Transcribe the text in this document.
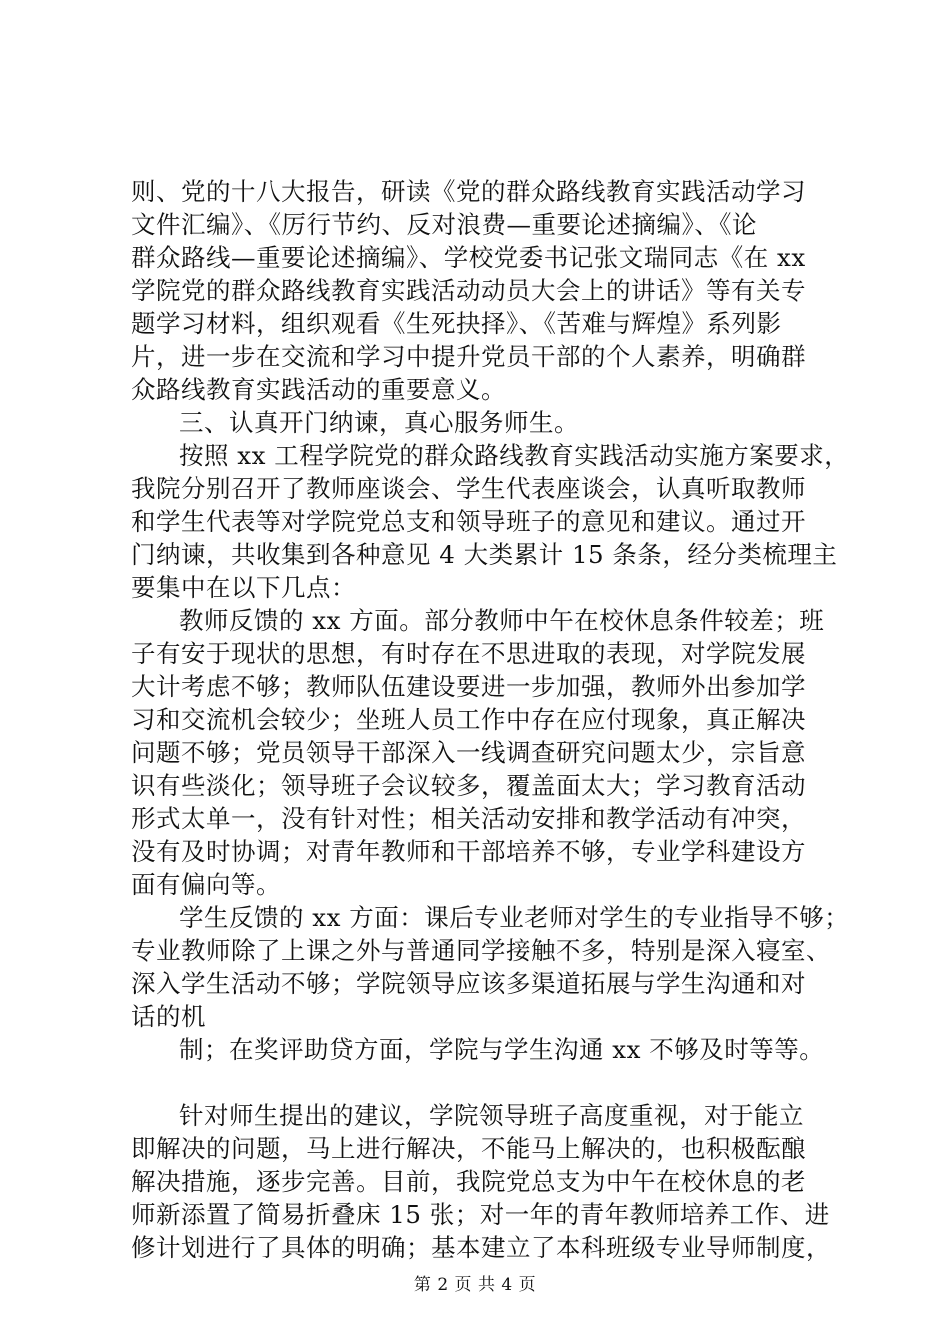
则、党的十八大报告，研读《党的群众路线教育实践活动学习
文件汇编》、《厉行节约、反对浪费—重要论述摘编》、《论
群众路线—重要论述摘编》、学校党委书记张文瑞同志《在 xx
学院党的群众路线教育实践活动动员大会上的讲话》等有关专
题学习材料，组织观看《生死抉择》、《苦难与辉煌》系列影
片，进一步在交流和学习中提升党员干部的个人素养，明确群
众路线教育实践活动的重要意义。
三、认真开门纳谏，真心服务师生。
按照 xx 工程学院党的群众路线教育实践活动实施方案要求，
我院分别召开了教师座谈会、学生代表座谈会，认真听取教师
和学生代表等对学院党总支和领导班子的意见和建议。通过开
门纳谏，共收集到各种意见 4 大类累计 15 条条，经分类梳理主
要集中在以下几点：
教师反馈的 xx 方面。部分教师中午在校休息条件较差；班
子有安于现状的思想，有时存在不思进取的表现，对学院发展
大计考虑不够；教师队伍建设要进一步加强，教师外出参加学
习和交流机会较少；坐班人员工作中存在应付现象，真正解决
问题不够；党员领导干部深入一线调查研究问题太少，宗旨意
识有些淡化；领导班子会议较多，覆盖面太大；学习教育活动
形式太单一，没有针对性；相关活动安排和教学活动有冲突，
没有及时协调；对青年教师和干部培养不够，专业学科建设方
面有偏向等。
学生反馈的 xx 方面：课后专业老师对学生的专业指导不够；
专业教师除了上课之外与普通同学接触不多，特别是深入寝室、
深入学生活动不够；学院领导应该多渠道拓展与学生沟通和对
话的机
制；在奖评助贷方面，学院与学生沟通 xx 不够及时等等。
针对师生提出的建议，学院领导班子高度重视，对于能立
即解决的问题，马上进行解决，不能马上解决的，也积极酝酿
解决措施，逐步完善。目前，我院党总支为中午在校休息的老
师新添置了简易折叠床 15 张；对一年的青年教师培养工作、进
修计划进行了具体的明确；基本建立了本科班级专业导师制度，
第 2 页 共 4 页
